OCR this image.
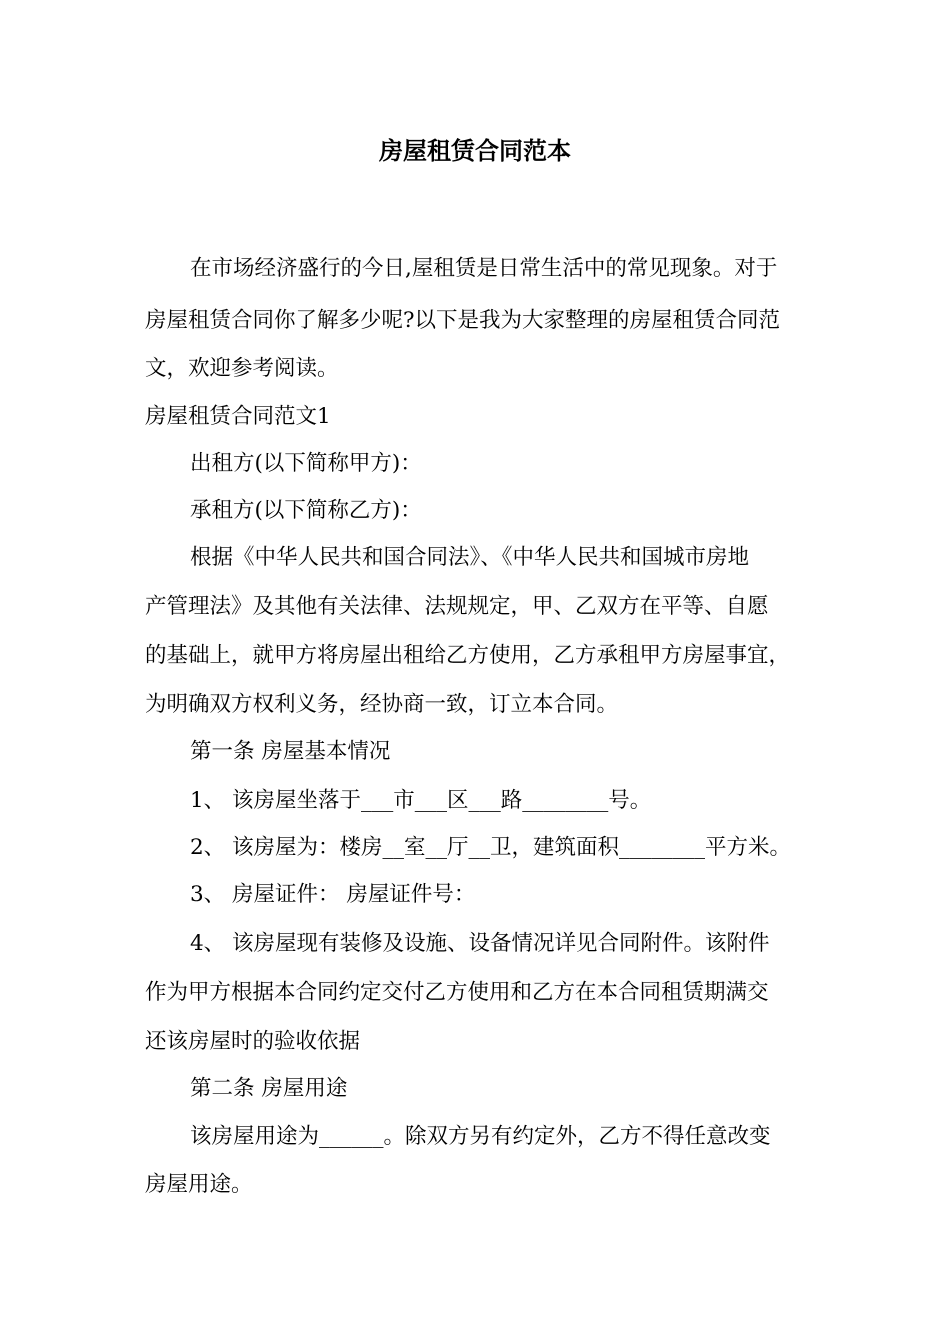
房屋租赁合同范本
在市场经济盛行的今日,屋租赁是日常生活中的常见现象。对于
房屋租赁合同你了解多少呢?以下是我为大家整理的房屋租赁合同范
文，欢迎参考阅读。
房屋租赁合同范文1
出租方(以下简称甲方)：
承租方(以下简称乙方)：
根据《中华人民共和国合同法》、《中华人民共和国城市房地
产管理法》及其他有关法律、法规规定，甲、乙双方在平等、自愿
的基础上，就甲方将房屋出租给乙方使用，乙方承租甲方房屋事宜，
为明确双方权利义务，经协商一致，订立本合同。
第一条 房屋基本情况
1、 该房屋坐落于___市___区___路________号。
2、 该房屋为：楼房__室__厅__卫，建筑面积________平方米。
3、 房屋证件： 房屋证件号：
4、 该房屋现有装修及设施、设备情况详见合同附件。该附件
作为甲方根据本合同约定交付乙方使用和乙方在本合同租赁期满交
还该房屋时的验收依据
第二条 房屋用途
该房屋用途为______。除双方另有约定外，乙方不得任意改变
房屋用途。
